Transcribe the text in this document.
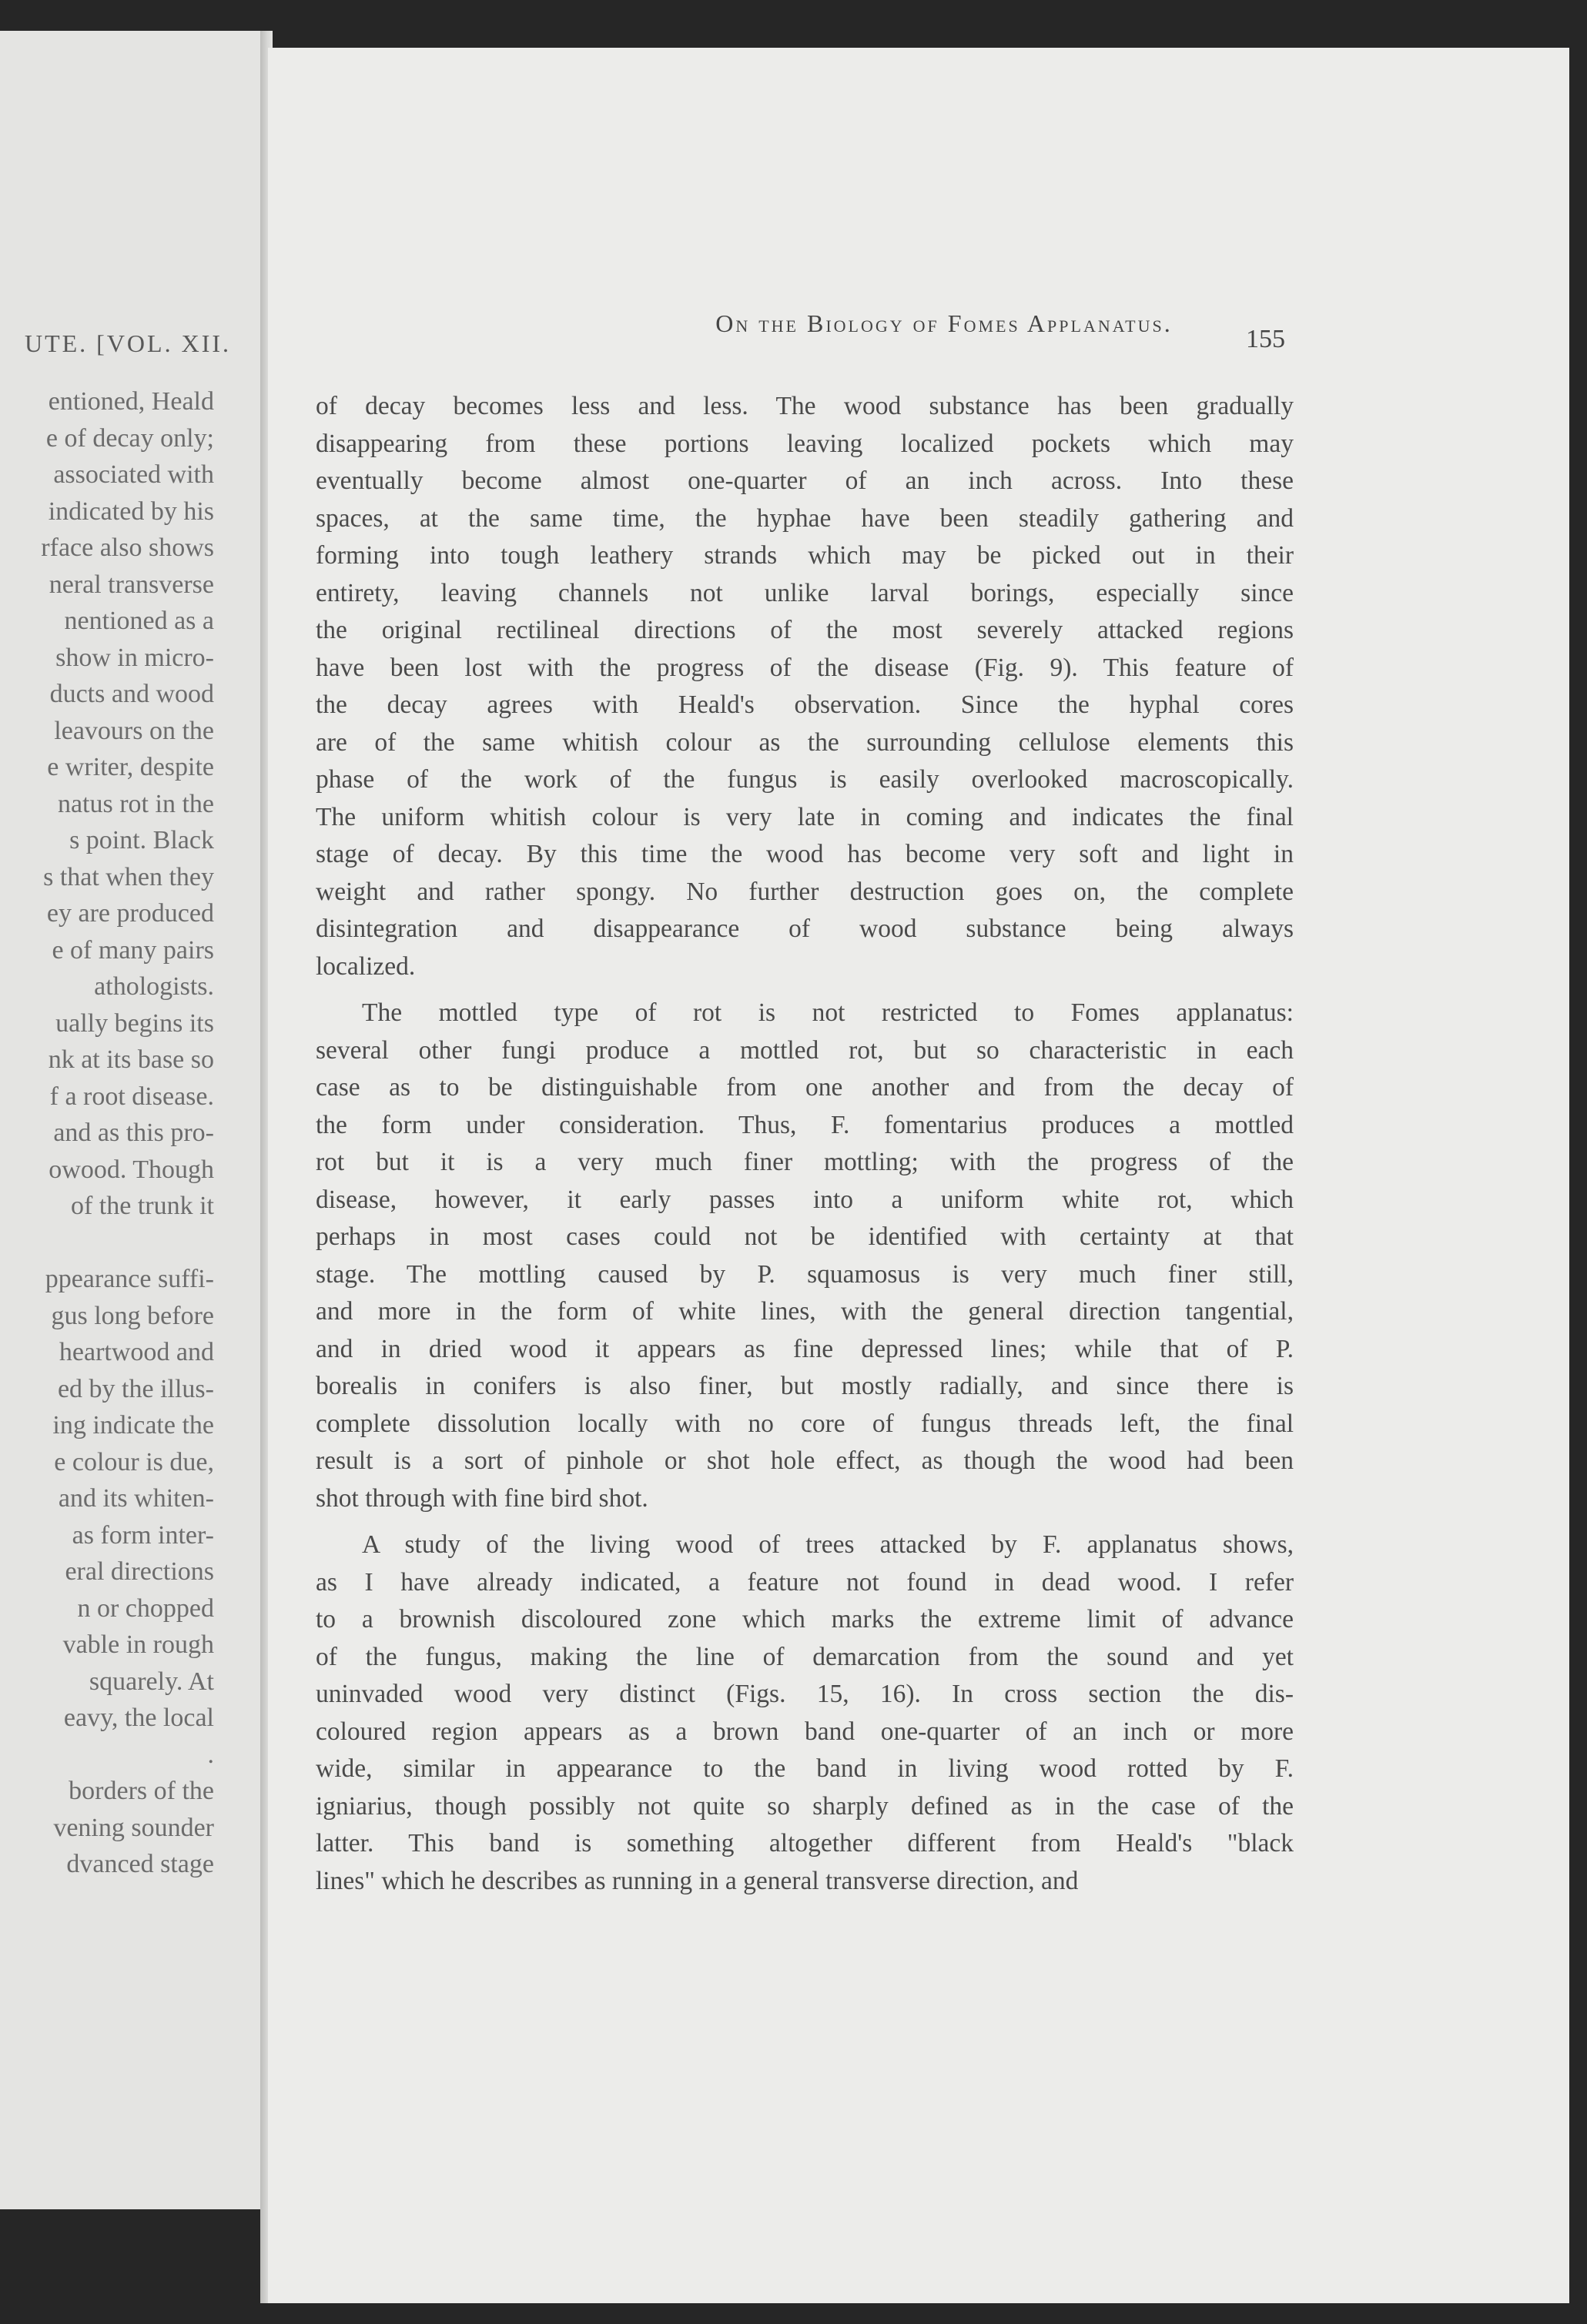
UTE. [VOL. XII.
entioned, Heald
e of decay only;
associated with
indicated by his
rface also shows
neral transverse
nentioned as a
show in micro-
ducts and wood
leavours on the
e writer, despite
natus rot in the
s point. Black
s that when they
ey are produced
e of many pairs
athologists.
ually begins its
nk at its base so
f a root disease.
and as this pro-
owood. Though
of the trunk it
ppearance suffi-
gus long before
heartwood and
ed by the illus-
ing indicate the
e colour is due,
and its whiten-
as form inter-
eral directions
n or chopped
vable in rough
squarely. At
eavy, the local
.
borders of the
vening sounder
dvanced stage
On the Biology of Fomes Applanatus.
155
of decay becomes less and less. The wood substance has been gradually
disappearing from these portions leaving localized pockets which may
eventually become almost one-quarter of an inch across. Into these
spaces, at the same time, the hyphae have been steadily gathering and
forming into tough leathery strands which may be picked out in their
entirety, leaving channels not unlike larval borings, especially since
the original rectilineal directions of the most severely attacked regions
have been lost with the progress of the disease (Fig. 9). This feature of
the decay agrees with Heald's observation. Since the hyphal cores
are of the same whitish colour as the surrounding cellulose elements this
phase of the work of the fungus is easily overlooked macroscopically.
The uniform whitish colour is very late in coming and indicates the final
stage of decay. By this time the wood has become very soft and light in
weight and rather spongy. No further destruction goes on, the complete
disintegration and disappearance of wood substance being always
localized.
The mottled type of rot is not restricted to Fomes applanatus:
several other fungi produce a mottled rot, but so characteristic in each
case as to be distinguishable from one another and from the decay of
the form under consideration. Thus, F. fomentarius produces a mottled
rot but it is a very much finer mottling; with the progress of the
disease, however, it early passes into a uniform white rot, which
perhaps in most cases could not be identified with certainty at that
stage. The mottling caused by P. squamosus is very much finer still,
and more in the form of white lines, with the general direction tangential,
and in dried wood it appears as fine depressed lines; while that of P.
borealis in conifers is also finer, but mostly radially, and since there is
complete dissolution locally with no core of fungus threads left, the final
result is a sort of pinhole or shot hole effect, as though the wood had been
shot through with fine bird shot.
A study of the living wood of trees attacked by F. applanatus shows,
as I have already indicated, a feature not found in dead wood. I refer
to a brownish discoloured zone which marks the extreme limit of advance
of the fungus, making the line of demarcation from the sound and yet
uninvaded wood very distinct (Figs. 15, 16). In cross section the dis-
coloured region appears as a brown band one-quarter of an inch or more
wide, similar in appearance to the band in living wood rotted by F.
igniarius, though possibly not quite so sharply defined as in the case of the
latter. This band is something altogether different from Heald's "black
lines" which he describes as running in a general transverse direction, and
